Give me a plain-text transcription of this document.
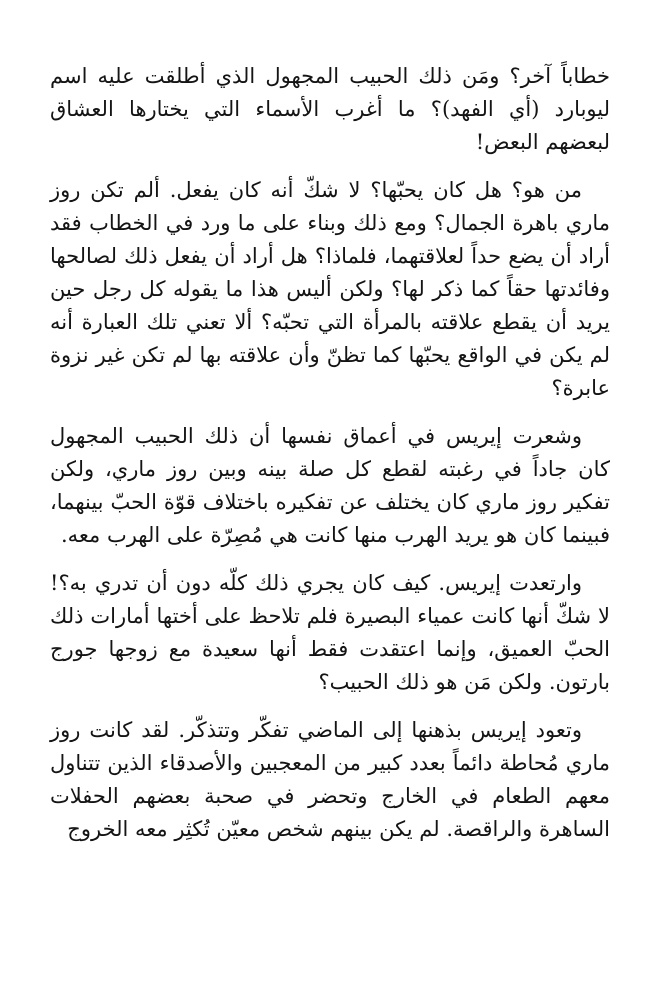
خطاباً آخر؟ ومَن ذلك الحبيب المجهول الذي أطلقت عليه اسم ليوبارد (أي الفهد)؟ ما أغرب الأسماء التي يختارها العشاق لبعضهم البعض!

من هو؟ هل كان يحبّها؟ لا شكّ أنه كان يفعل. ألم تكن روز ماري باهرة الجمال؟ ومع ذلك وبناء على ما ورد في الخطاب فقد أراد أن يضع حداً لعلاقتهما، فلماذا؟ هل أراد أن يفعل ذلك لصالحها وفائدتها حقاً كما ذكر لها؟ ولكن أليس هذا ما يقوله كل رجل حين يريد أن يقطع علاقته بالمرأة التي تحبّه؟ ألا تعني تلك العبارة أنه لم يكن في الواقع يحبّها كما تظنّ وأن علاقته بها لم تكن غير نزوة عابرة؟

وشعرت إيريس في أعماق نفسها أن ذلك الحبيب المجهول كان جاداً في رغبته لقطع كل صلة بينه وبين روز ماري، ولكن تفكير روز ماري كان يختلف عن تفكيره باختلاف قوّة الحبّ بينهما، فبينما كان هو يريد الهرب منها كانت هي مُصِرّة على الهرب معه.

وارتعدت إيريس. كيف كان يجري ذلك كلّه دون أن تدري به؟! لا شكّ أنها كانت عمياء البصيرة فلم تلاحظ على أختها أمارات ذلك الحبّ العميق، وإنما اعتقدت فقط أنها سعيدة مع زوجها جورج بارتون. ولكن مَن هو ذلك الحبيب؟

وتعود إيريس بذهنها إلى الماضي تفكّر وتتذكّر. لقد كانت روز ماري مُحاطة دائماً بعدد كبير من المعجبين والأصدقاء الذين تتناول معهم الطعام في الخارج وتحضر في صحبة بعضهم الحفلات الساهرة والراقصة. لم يكن بينهم شخص معيّن تُكثِر معه الخروج
